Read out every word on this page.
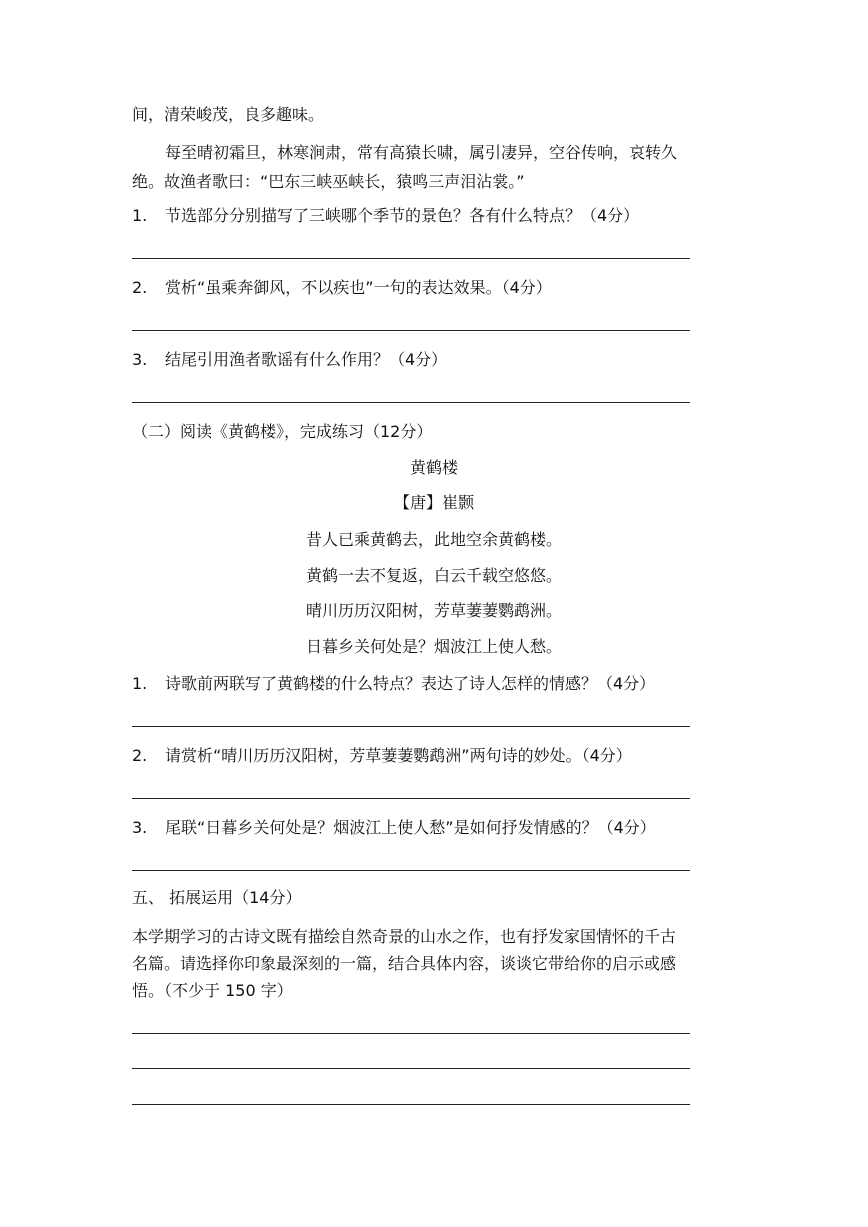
间，清荣峻茂，良多趣味。
每至晴初霜旦，林寒涧肃，常有高猿长啸，属引凄异，空谷传响，哀转久
绝。故渔者歌曰：“巴东三峡巫峡长，猿鸣三声泪沾裳。”
1. 节选部分分别描写了三峡哪个季节的景色？各有什么特点？（4分）
2. 赏析“虽乘奔御风，不以疾也”一句的表达效果。（4分）
3. 结尾引用渔者歌谣有什么作用？（4分）
（二）阅读《黄鹤楼》，完成练习（12分）
黄鹤楼
【唐】崔颢
昔人已乘黄鹤去，此地空余黄鹤楼。
黄鹤一去不复返，白云千载空悠悠。
晴川历历汉阳树，芳草萋萋鹦鹉洲。
日暮乡关何处是？烟波江上使人愁。
1. 诗歌前两联写了黄鹤楼的什么特点？表达了诗人怎样的情感？（4分）
2. 请赏析“晴川历历汉阳树，芳草萋萋鹦鹉洲”两句诗的妙处。（4分）
3. 尾联“日暮乡关何处是？烟波江上使人愁”是如何抒发情感的？（4分）
五、 拓展运用（14分）
本学期学习的古诗文既有描绘自然奇景的山水之作，也有抒发家国情怀的千古
名篇。请选择你印象最深刻的一篇，结合具体内容，谈谈它带给你的启示或感
悟。（不少于 150 字）
